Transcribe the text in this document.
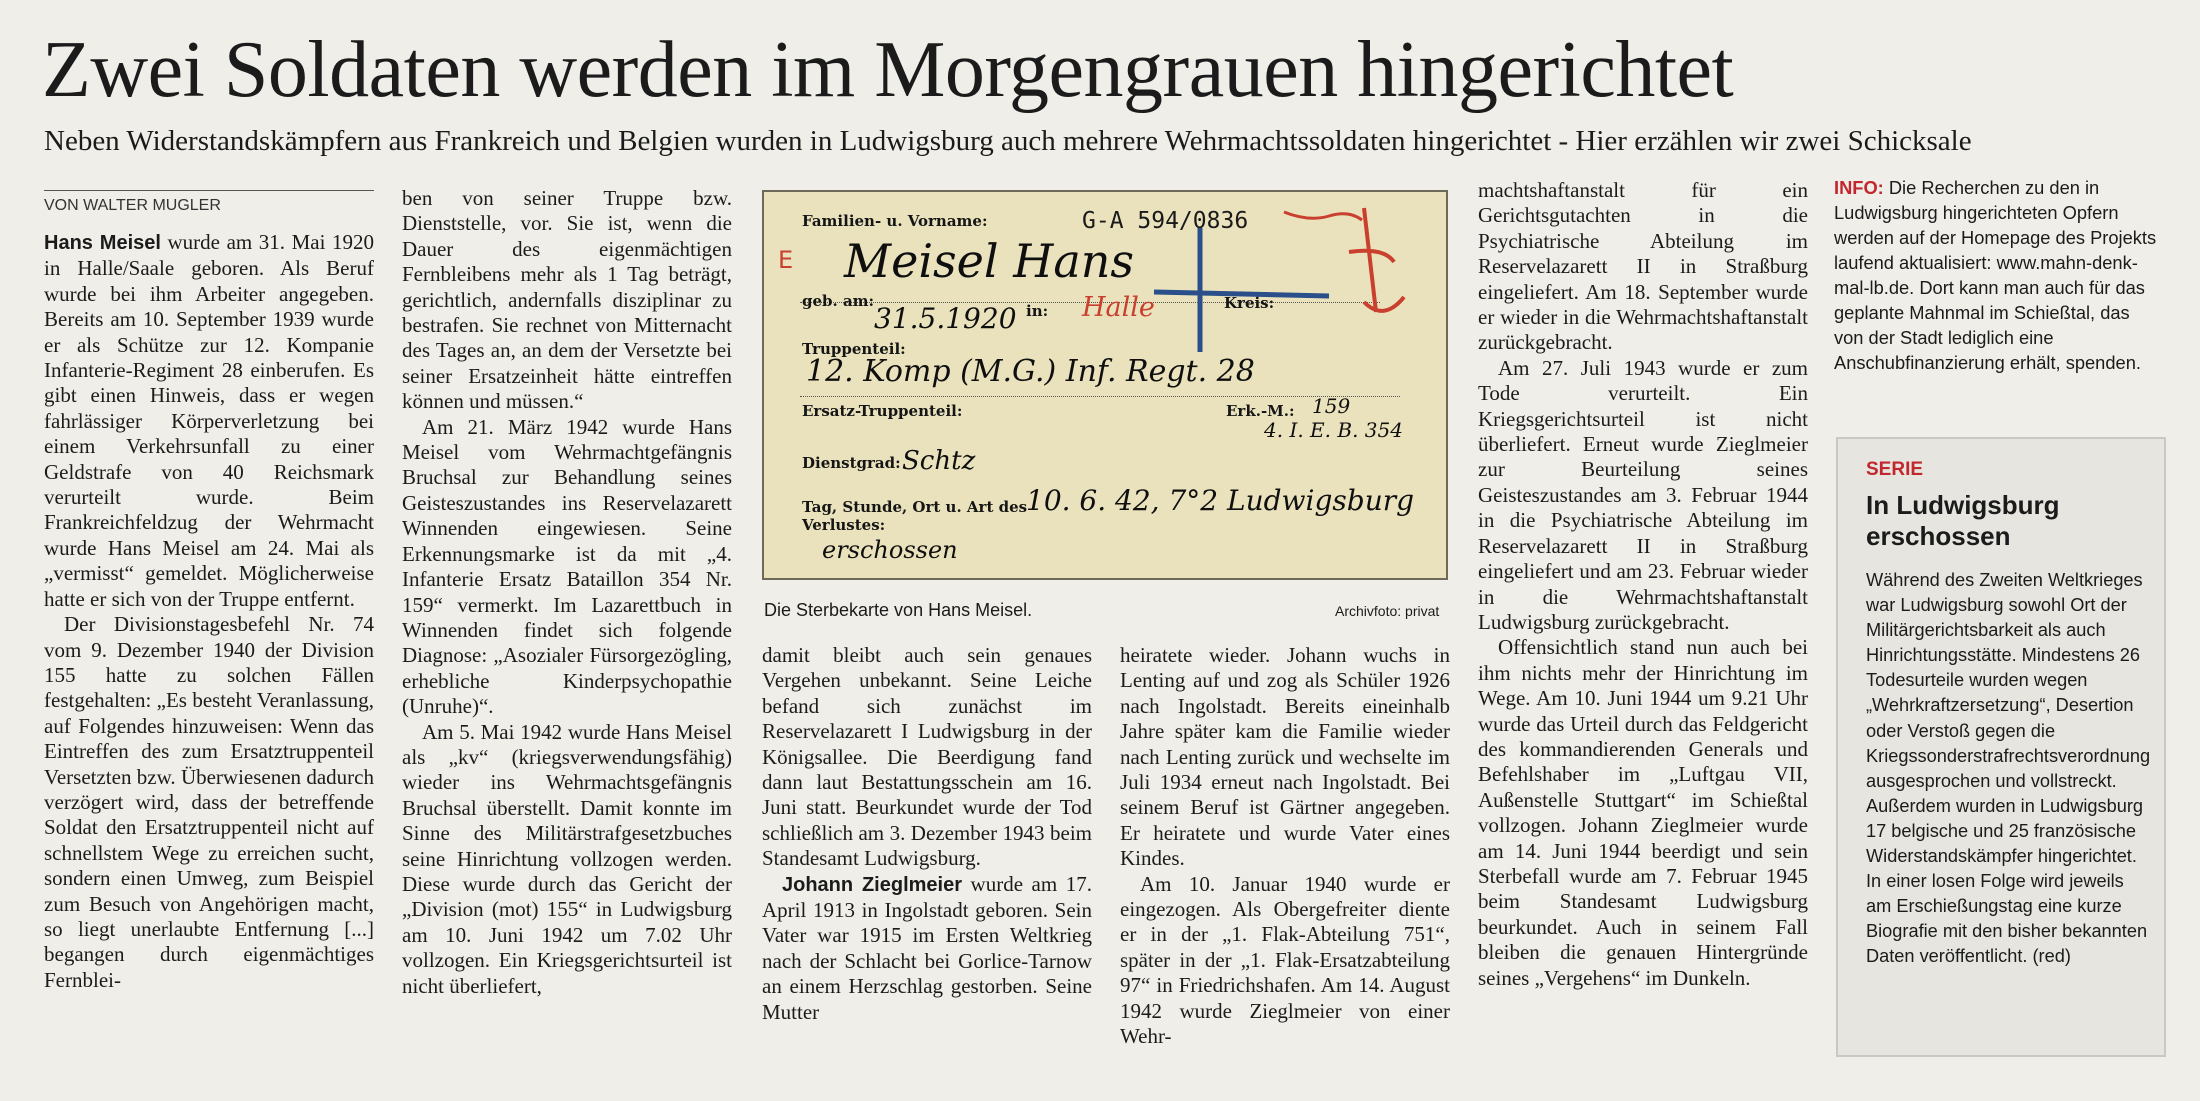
Zwei Soldaten werden im Morgengrauen hingerichtet
Neben Widerstandskämpfern aus Frankreich und Belgien wurden in Ludwigsburg auch mehrere Wehrmachtssoldaten hingerichtet - Hier erzählen wir zwei Schicksale
VON WALTER MUGLER

Hans Meisel wurde am 31. Mai 1920 in Halle/Saale geboren. Als Beruf wurde bei ihm Arbeiter angegeben. Bereits am 10. September 1939 wurde er als Schütze zur 12. Kompanie Infanterie-Regiment 28 einberufen. Es gibt einen Hinweis, dass er wegen fahrlässiger Körperverletzung bei einem Verkehrsunfall zu einer Geldstrafe von 40 Reichsmark verurteilt wurde. Beim Frankreichfeldzug der Wehrmacht wurde Hans Meisel am 24. Mai als „vermisst“ gemeldet. Möglicherweise hatte er sich von der Truppe entfernt.

Der Divisionstagesbefehl Nr. 74 vom 9. Dezember 1940 der Division 155 hatte zu solchen Fällen festgehalten: „Es besteht Veranlassung, auf Folgendes hinzuweisen: Wenn das Eintreffen des zum Ersatztruppenteil Versetzten bzw. Überwiesenen dadurch verzögert wird, dass der betreffende Soldat den Ersatztruppenteil nicht auf schnellstem Wege zu erreichen sucht, sondern einen Umweg, zum Beispiel zum Besuch von Angehörigen macht, so liegt unerlaubte Entfernung [...] begangen durch eigenmächtiges Fernblei-

ben von seiner Truppe bzw. Dienststelle, vor. Sie ist, wenn die Dauer des eigenmächtigen Fernbleibens mehr als 1 Tag beträgt, gerichtlich, andernfalls disziplinar zu bestrafen. Sie rechnet von Mitternacht des Tages an, an dem der Versetzte bei seiner Ersatzeinheit hätte eintreffen können und müssen.“

Am 21. März 1942 wurde Hans Meisel vom Wehrmachtgefängnis Bruchsal zur Behandlung seines Geisteszustandes ins Reservelazarett Winnenden eingewiesen. Seine Erkennungsmarke ist da mit „4. Infanterie Ersatz Bataillon 354 Nr. 159“ vermerkt. Im Lazarettbuch in Winnenden findet sich folgende Diagnose: „Asozialer Fürsorgezögling, erhebliche Kinderpsychopathie (Unruhe)“.

Am 5. Mai 1942 wurde Hans Meisel als „kv“ (kriegsverwendungsfähig) wieder ins Wehrmachtsgefängnis Bruchsal überstellt. Damit konnte im Sinne des Militärstrafgesetzbuches seine Hinrichtung vollzogen werden. Diese wurde durch das Gericht der „Division (mot) 155“ in Ludwigsburg am 10. Juni 1942 um 7.02 Uhr vollzogen. Ein Kriegsgerichtsurteil ist nicht überliefert,

Familien- u. Vorname:	G-A 594/0836
E Meisel Hans
geb. am:
31.5.1920 in: Halle	Kreis:
Truppenteil:
12. Komp (M.G.) Inf. Regt. 28
Ersatz-Truppenteil:	Erk.-M.: 159
4. I. E. B. 354
Dienstgrad: Schtz
Tag, Stunde, Ort u. Art des Verlustes:
10. 6. 42, 7°2 Ludwigsburg
erschossen
Die Sterbekarte von Hans Meisel.	Archivfoto: privat

damit bleibt auch sein genaues Vergehen unbekannt. Seine Leiche befand sich zunächst im Reservelazarett I Ludwigsburg in der Königsallee. Die Beerdigung fand dann laut Bestattungsschein am 16. Juni statt. Beurkundet wurde der Tod schließlich am 3. Dezember 1943 beim Standesamt Ludwigsburg.

Johann Zieglmeier wurde am 17. April 1913 in Ingolstadt geboren. Sein Vater war 1915 im Ersten Weltkrieg nach der Schlacht bei Gorlice-Tarnow an einem Herzschlag gestorben. Seine Mutter

heiratete wieder. Johann wuchs in Lenting auf und zog als Schüler 1926 nach Ingolstadt. Bereits eineinhalb Jahre später kam die Familie wieder nach Lenting zurück und wechselte im Juli 1934 erneut nach Ingolstadt. Bei seinem Beruf ist Gärtner angegeben. Er heiratete und wurde Vater eines Kindes.

Am 10. Januar 1940 wurde er eingezogen. Als Obergefreiter diente er in der „1. Flak-Abteilung 751“, später in der „1. Flak-Ersatzabteilung 97“ in Friedrichshafen. Am 14. August 1942 wurde Zieglmeier von einer Wehr-

machtshaftanstalt für ein Gerichtsgutachten in die Psychiatrische Abteilung im Reservelazarett II in Straßburg eingeliefert. Am 18. September wurde er wieder in die Wehrmachtshaftanstalt zurückgebracht.

Am 27. Juli 1943 wurde er zum Tode verurteilt. Ein Kriegsgerichtsurteil ist nicht überliefert. Erneut wurde Zieglmeier zur Beurteilung seines Geisteszustandes am 3. Februar 1944 in die Psychiatrische Abteilung im Reservelazarett II in Straßburg eingeliefert und am 23. Februar wieder in die Wehrmachtshaftanstalt Ludwigsburg zurückgebracht.

Offensichtlich stand nun auch bei ihm nichts mehr der Hinrichtung im Wege. Am 10. Juni 1944 um 9.21 Uhr wurde das Urteil durch das Feldgericht des kommandierenden Generals und Befehlshaber im „Luftgau VII, Außenstelle Stuttgart“ im Schießtal vollzogen. Johann Zieglmeier wurde am 14. Juni 1944 beerdigt und sein Sterbefall wurde am 7. Februar 1945 beim Standesamt Ludwigsburg beurkundet. Auch in seinem Fall bleiben die genauen Hintergründe seines „Vergehens“ im Dunkeln.

INFO: Die Recherchen zu den in Ludwigsburg hingerichteten Opfern werden auf der Homepage des Projekts laufend aktualisiert: www.mahn-denk-mal-lb.de. Dort kann man auch für das geplante Mahnmal im Schießtal, das von der Stadt lediglich eine Anschubfinanzierung erhält, spenden.
SERIE
In Ludwigsburg erschossen
Während des Zweiten Weltkrieges war Ludwigsburg sowohl Ort der Militärgerichtsbarkeit als auch Hinrichtungsstätte. Mindestens 26 Todesurteile wurden wegen „Wehrkraftzersetzung“, Desertion oder Verstoß gegen die Kriegssonderstrafrechtsverordnung ausgesprochen und vollstreckt. Außerdem wurden in Ludwigsburg 17 belgische und 25 französische Widerstandskämpfer hingerichtet. In einer losen Folge wird jeweils am Erschießungstag eine kurze Biografie mit den bisher bekannten Daten veröffentlicht. (red)
